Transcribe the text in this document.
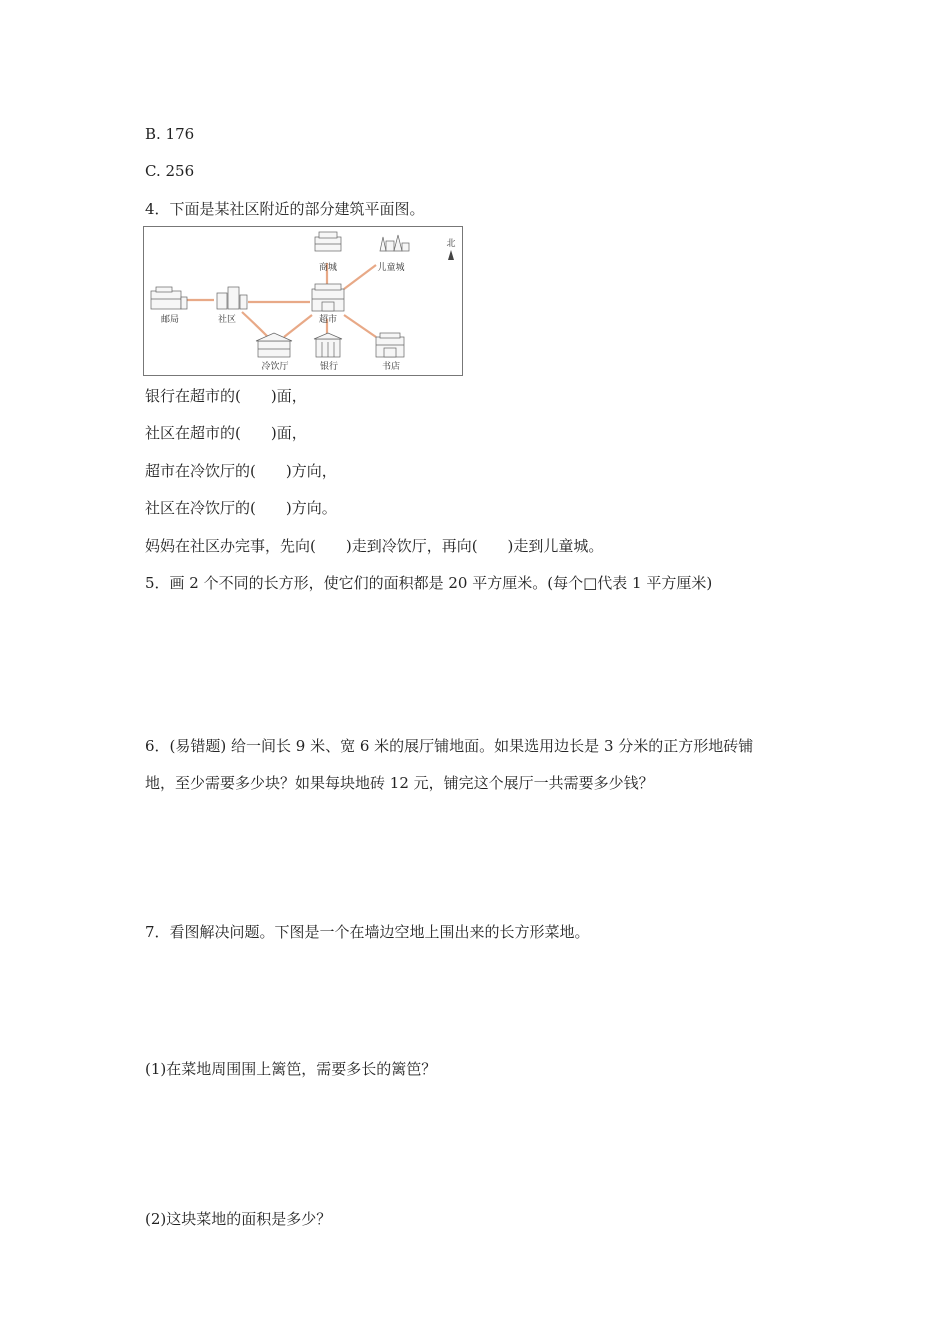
B. 176
C. 256
4．下面是某社区附近的部分建筑平面图。
商城	儿童城
北
邮局	社区	超市
冷饮厅	银行	书店
银行在超市的(　　)面，
社区在超市的(　　)面，
超市在冷饮厅的(　　)方向，
社区在冷饮厅的(　　)方向。
妈妈在社区办完事，先向(　　)走到冷饮厅，再向(　　)走到儿童城。
5．画 2 个不同的长方形，使它们的面积都是 20 平方厘米。(每个□代表 1 平方厘米)
6．(易错题) 给一间长 9 米、宽 6 米的展厅铺地面。如果选用边长是 3 分米的正方形地砖铺
地，至少需要多少块？如果每块地砖 12 元，铺完这个展厅一共需要多少钱？
7．看图解决问题。下图是一个在墙边空地上围出来的长方形菜地。
(1)在菜地周围围上篱笆，需要多长的篱笆？
(2)这块菜地的面积是多少？
